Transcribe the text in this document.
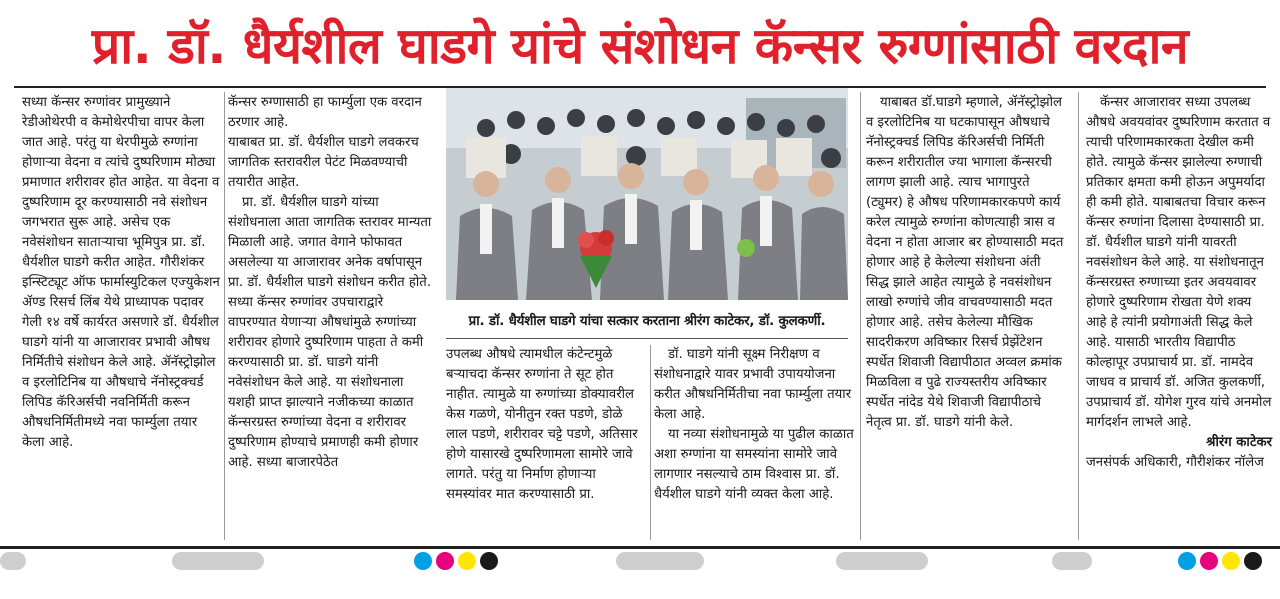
प्रा. डॉ. धैर्यशील घाडगे यांचे संशोधन कॅन्सर रुग्णांसाठी वरदान

सध्या कॅन्सर रुग्णांवर प्रामुख्याने रेडीओथेरपी व केमोथेरपीचा वापर केला जात आहे. परंतु या थेरपीमुळे रुग्णांना होणाऱ्या वेदना व त्यांचे दुष्परिणाम मोठ्या प्रमाणात शरीरावर होत आहेत. या वेदना व दुष्परिणाम दूर करण्यासाठी नवे संशोधन जगभरात सुरू आहे. असेच एक नवेसंशोधन साताऱ्याचा भूमिपुत्र प्रा. डॉ. धैर्यशील घाडगे करीत आहेत. गौरीशंकर इन्स्टिट्यूट ऑफ फार्मास्युटिकल एज्युकेशन ॲण्ड रिसर्च लिंब येथे प्राध्यापक पदावर गेली १४ वर्षे कार्यरत असणारे डॉ. धैर्यशील घाडगे यांनी या आजारावर प्रभावी औषध निर्मितीचे संशोधन केले आहे. ॲनॅस्ट्रोझोल व इरलोटिनिब या औषधाचे नॅनोस्ट्रक्चर्ड लिपिड कॅरिअर्सची नवनिर्मिती करून औषधनिर्मितीमध्ये नवा फार्म्युला तयार केला आहे.

कॅन्सर रुग्णासाठी हा फार्म्युला एक वरदान ठरणार आहे.

याबाबत प्रा. डॉ. धैर्यशील घाडगे लवकरच जागतिक स्तरावरील पेटंट मिळवण्याची तयारीत आहेत.

प्रा. डॉ. धैर्यशील घाडगे यांच्या संशोधनाला आता जागतिक स्तरावर मान्यता मिळाली आहे. जगात वेगाने फोफावत असलेल्या या आजारावर अनेक वर्षापासून प्रा. डॉ. धैर्यशील घाडगे संशोधन करीत होते. सध्या कॅन्सर रुग्णांवर उपचाराद्वारे वापरण्यात येणाऱ्या औषधांमुळे रुग्णांच्या शरीरावर होणारे दुष्परिणाम पाहता ते कमी करण्यासाठी प्रा. डॉ. घाडगे यांनी नवेसंशोधन केले आहे. या संशोधनाला यशही प्राप्त झाल्याने नजीकच्या काळात कॅन्सरग्रस्त रुग्णांच्या वेदना व शरीरावर दुष्परिणाम होण्याचे प्रमाणही कमी होणार आहे. सध्या बाजारपेठेत

प्रा. डॉ. धैर्यशील घाडगे यांचा सत्कार करताना श्रीरंग काटेकर, डॉ. कुलकर्णी.

उपलब्ध औषधे त्यामधील कंटेन्टमुळे बऱ्याचदा कॅन्सर रुग्णांना ते सूट होत नाहीत. त्यामुळे या रुग्णांच्या डोक्यावरील केस गळणे, योनीतुन रक्त पडणे, डोळे लाल पडणे, शरीरावर चट्टे पडणे, अतिसार होणे यासारखे दुष्परिणामला सामोरे जावे लागते. परंतु या निर्माण होणाऱ्या समस्यांवर मात करण्यासाठी प्रा.

डॉ. घाडगे यांनी सूक्ष्म निरीक्षण व संशोधनाद्वारे यावर प्रभावी उपाययोजना करीत औषधनिर्मितीचा नवा फार्म्युला तयार केला आहे.

या नव्या संशोधनामुळे या पुढील काळात अशा रुग्णांना या समस्यांना सामोरे जावे लागणार नसल्याचे ठाम विश्वास प्रा. डॉ. धैर्यशील घाडगे यांनी व्यक्त केला आहे.

याबाबत डॉ.घाडगे म्हणाले, ॲनॅस्ट्रोझोल व इरलोटिनिब या घटकापासून औषधाचे नॅनोस्ट्रक्चर्ड लिपिड कॅरिअर्सची निर्मिती करून शरीरातील ज्या भागाला कॅन्सरची लागण झाली आहे. त्याच भागापुरते (ट्युमर) हे औषध परिणामकारकपणे कार्य करेल त्यामुळे रुग्णांना कोणत्याही त्रास व वेदना न होता आजार बर होण्यासाठी मदत होणार आहे हे केलेल्या संशोधना अंती सिद्ध झाले आहेत त्यामुळे हे नवसंशोधन लाखो रुग्णांचे जीव वाचवण्यासाठी मदत होणार आहे. तसेच केलेल्या मौखिक सादरीकरण अविष्कार रिसर्च प्रेझेंटेशन स्पर्धेत शिवाजी विद्यापीठात अव्वल क्रमांक मिळविला व पुढे राज्यस्तरीय अविष्कार स्पर्धेत नांदेड येथे शिवाजी विद्यापीठाचे नेतृत्व प्रा. डॉ. घाडगे यांनी केले.

कॅन्सर आजारावर सध्या उपलब्ध औषधे अवयवांवर दुष्परिणाम करतात व त्याची परिणामकारकता देखील कमी होते. त्यामुळे कॅन्सर झालेल्या रुग्णाची प्रतिकार क्षमता कमी होऊन अपुमर्यादा ही कमी होते. याबाबतचा विचार करून कॅन्सर रुग्णांना दिलासा देण्यासाठी प्रा. डॉ. धैर्यशील घाडगे यांनी यावरती नवसंशोधन केले आहे. या संशोधनातून कॅन्सरग्रस्त रुग्णाच्या इतर अवयवावर होणारे दुष्परिणाम रोखता येणे शक्य आहे हे त्यांनी प्रयोगाअंती सिद्ध केले आहे. यासाठी भारतीय विद्यापीठ कोल्हापूर उपप्राचार्य प्रा. डॉ. नामदेव जाधव व प्राचार्य डॉ. अजित कुलकर्णी, उपप्राचार्य डॉ. योगेश गुरव यांचे अनमोल मार्गदर्शन लाभले आहे.

श्रीरंग काटेकर

जनसंपर्क अधिकारी, गौरीशंकर नॉलेज
